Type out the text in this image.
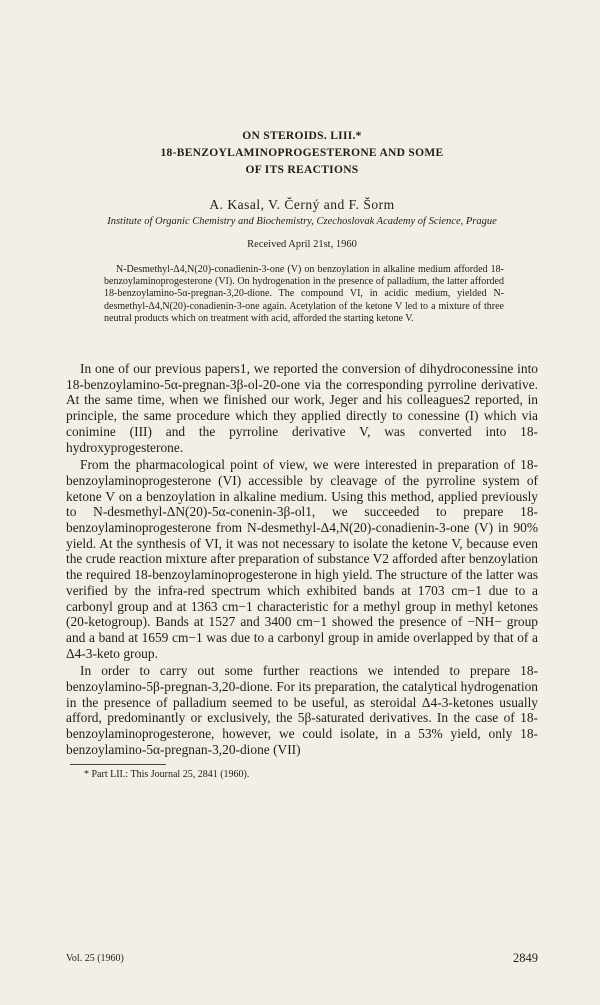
ON STEROIDS. LIII.*
18-BENZOYLAMINOPROGESTERONE AND SOME
OF ITS REACTIONS
A. Kasal, V. Černý and F. Šorm
Institute of Organic Chemistry and Biochemistry, Czechoslovak Academy of Science, Prague
Received April 21st, 1960
N-Desmethyl-Δ4,N(20)-conadienin-3-one (V) on benzoylation in alkaline medium afforded 18-benzoylaminoprogesterone (VI). On hydrogenation in the presence of palladium, the latter afforded 18-benzoylamino-5α-pregnan-3,20-dione. The compound VI, in acidic medium, yielded N-desmethyl-Δ4,N(20)-conadienin-3-one again. Acetylation of the ketone V led to a mixture of three neutral products which on treatment with acid, afforded the starting ketone V.

In one of our previous papers1, we reported the conversion of dihydroconessine into 18-benzoylamino-5α-pregnan-3β-ol-20-one via the corresponding pyrroline derivative. At the same time, when we finished our work, Jeger and his colleagues2 reported, in principle, the same procedure which they applied directly to conessine (I) which via conimine (III) and the pyrroline derivative V, was converted into 18-hydroxyprogesterone.

From the pharmacological point of view, we were interested in preparation of 18-benzoylaminoprogesterone (VI) accessible by cleavage of the pyrroline system of ketone V on a benzoylation in alkaline medium. Using this method, applied previously to N-desmethyl-ΔN(20)-5α-conenin-3β-ol1, we succeeded to prepare 18-benzoylaminoprogesterone from N-desmethyl-Δ4,N(20)-conadienin-3-one (V) in 90% yield. At the synthesis of VI, it was not necessary to isolate the ketone V, because even the crude reaction mixture after preparation of substance V2 afforded after benzoylation the required 18-benzoylaminoprogesterone in high yield. The structure of the latter was verified by the infra-red spectrum which exhibited bands at 1703 cm−1 due to a carbonyl group and at 1363 cm−1 characteristic for a methyl group in methyl ketones (20-ketogroup). Bands at 1527 and 3400 cm−1 showed the presence of −NH− group and a band at 1659 cm−1 was due to a carbonyl group in amide overlapped by that of a Δ4-3-keto group.

In order to carry out some further reactions we intended to prepare 18-benzoylamino-5β-pregnan-3,20-dione. For its preparation, the catalytical hydrogenation in the presence of palladium seemed to be useful, as steroidal Δ4-3-ketones usually afford, predominantly or exclusively, the 5β-saturated derivatives. In the case of 18-benzoylaminoprogesterone, however, we could isolate, in a 53% yield, only 18-benzoylamino-5α-pregnan-3,20-dione (VII)

* Part LII.: This Journal 25, 2841 (1960).
Vol. 25 (1960)	2849
